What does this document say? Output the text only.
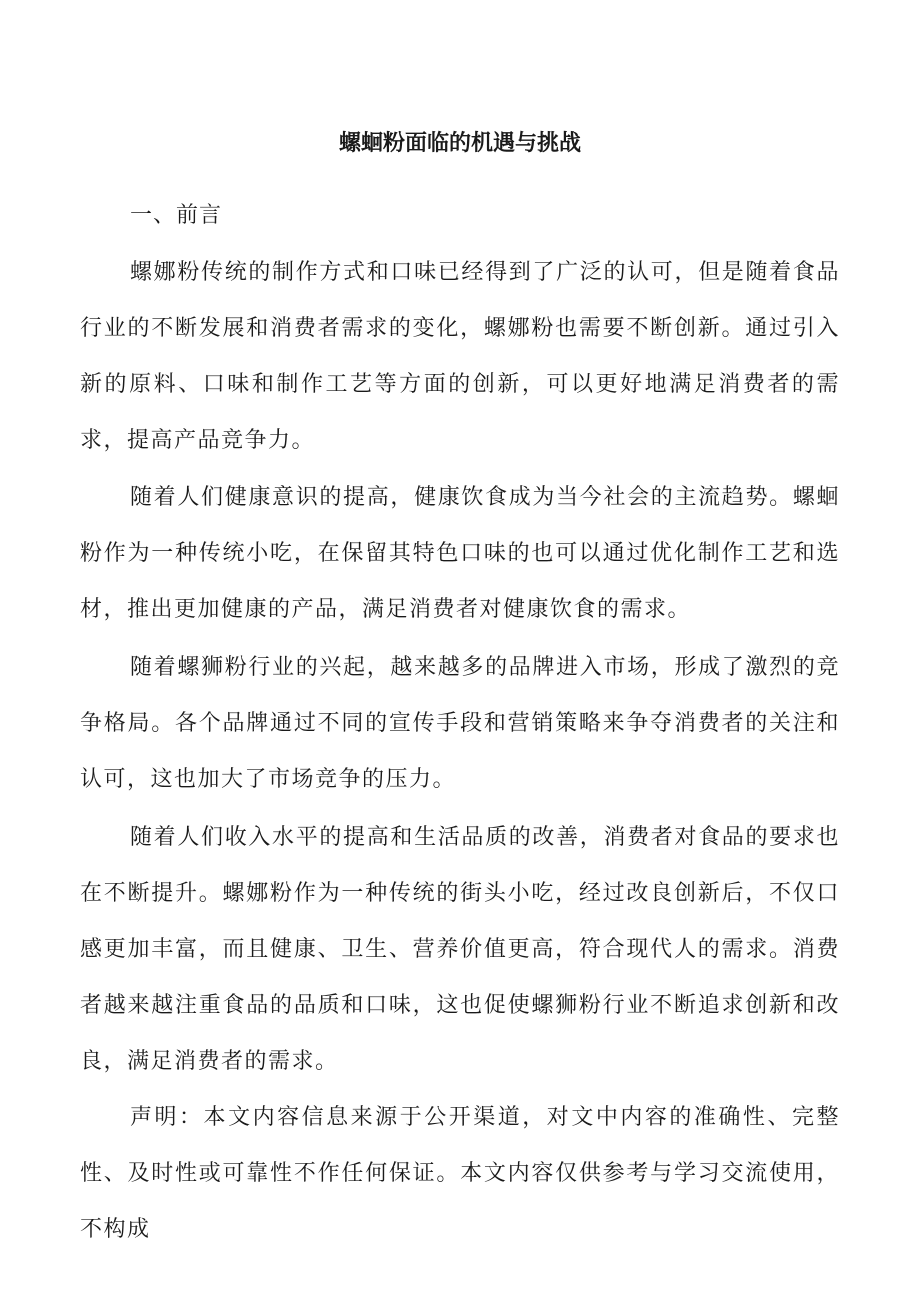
螺蛔粉面临的机遇与挑战
一、前言
螺娜粉传统的制作方式和口味已经得到了广泛的认可，但是随着食品行业的不断发展和消费者需求的变化，螺娜粉也需要不断创新。通过引入新的原料、口味和制作工艺等方面的创新，可以更好地满足消费者的需求，提高产品竞争力。
随着人们健康意识的提高，健康饮食成为当今社会的主流趋势。螺蛔粉作为一种传统小吃，在保留其特色口味的也可以通过优化制作工艺和选材，推出更加健康的产品，满足消费者对健康饮食的需求。
随着螺狮粉行业的兴起，越来越多的品牌进入市场，形成了激烈的竞争格局。各个品牌通过不同的宣传手段和营销策略来争夺消费者的关注和认可，这也加大了市场竞争的压力。
随着人们收入水平的提高和生活品质的改善，消费者对食品的要求也在不断提升。螺娜粉作为一种传统的街头小吃，经过改良创新后，不仅口感更加丰富，而且健康、卫生、营养价值更高，符合现代人的需求。消费者越来越注重食品的品质和口味，这也促使螺狮粉行业不断追求创新和改良，满足消费者的需求。
声明：本文内容信息来源于公开渠道，对文中内容的准确性、完整性、及时性或可靠性不作任何保证。本文内容仅供参考与学习交流使用，不构成
